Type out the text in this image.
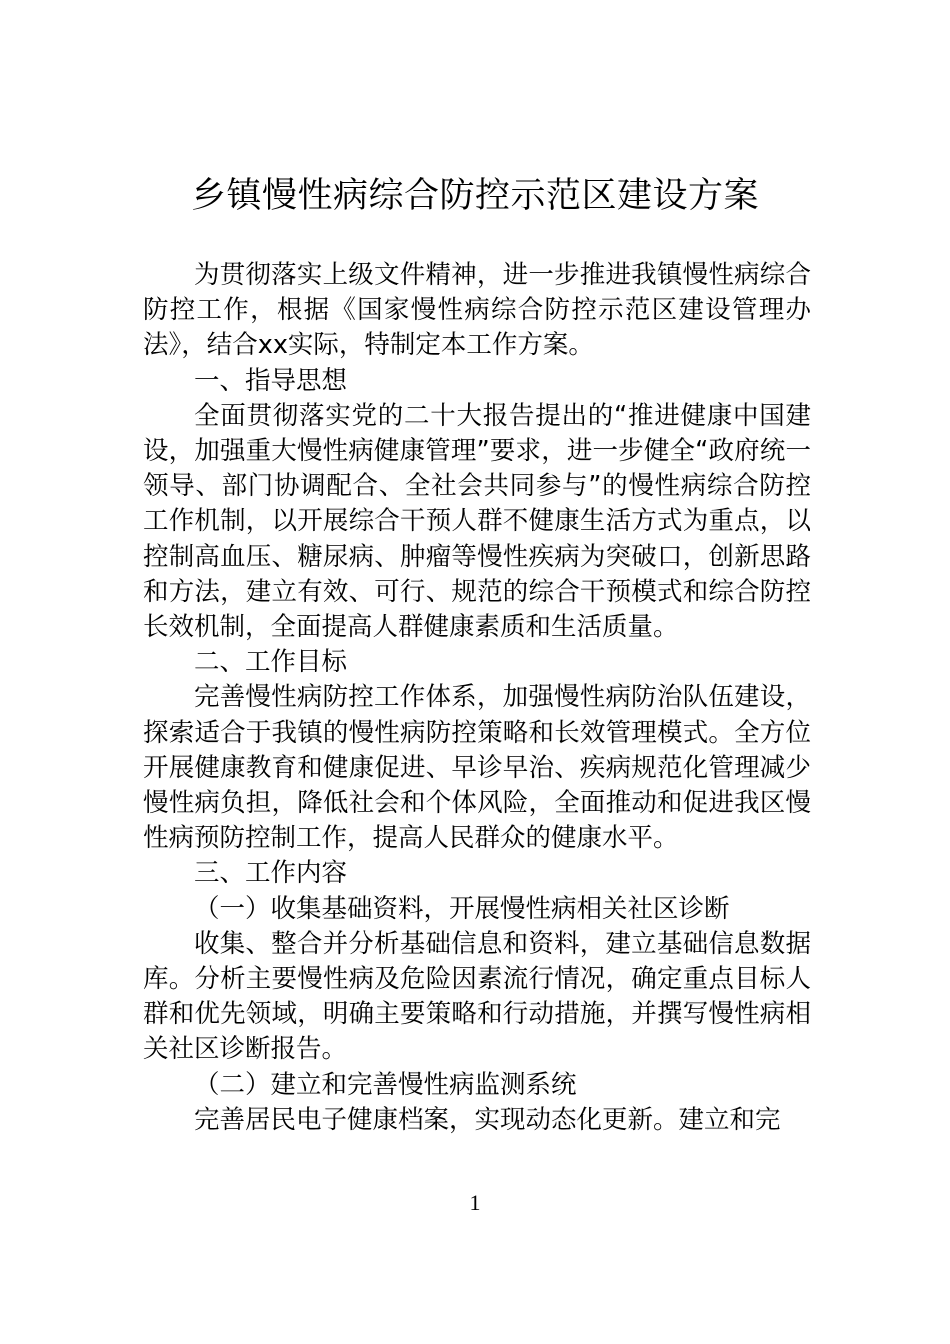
乡镇慢性病综合防控示范区建设方案

为贯彻落实上级文件精神，进一步推进我镇慢性病综合防控工作，根据《国家慢性病综合防控示范区建设管理办法》，结合xx实际，特制定本工作方案。

一、指导思想

全面贯彻落实党的二十大报告提出的“推进健康中国建设，加强重大慢性病健康管理”要求，进一步健全“政府统一领导、部门协调配合、全社会共同参与”的慢性病综合防控工作机制，以开展综合干预人群不健康生活方式为重点，以控制高血压、糖尿病、肿瘤等慢性疾病为突破口，创新思路和方法，建立有效、可行、规范的综合干预模式和综合防控长效机制，全面提高人群健康素质和生活质量。

二、工作目标

完善慢性病防控工作体系，加强慢性病防治队伍建设，探索适合于我镇的慢性病防控策略和长效管理模式。全方位开展健康教育和健康促进、早诊早治、疾病规范化管理减少慢性病负担，降低社会和个体风险，全面推动和促进我区慢性病预防控制工作，提高人民群众的健康水平。

三、工作内容

（一）收集基础资料，开展慢性病相关社区诊断

收集、整合并分析基础信息和资料，建立基础信息数据库。分析主要慢性病及危险因素流行情况，确定重点目标人群和优先领域，明确主要策略和行动措施，并撰写慢性病相关社区诊断报告。

（二）建立和完善慢性病监测系统

完善居民电子健康档案，实现动态化更新。建立和完

1
